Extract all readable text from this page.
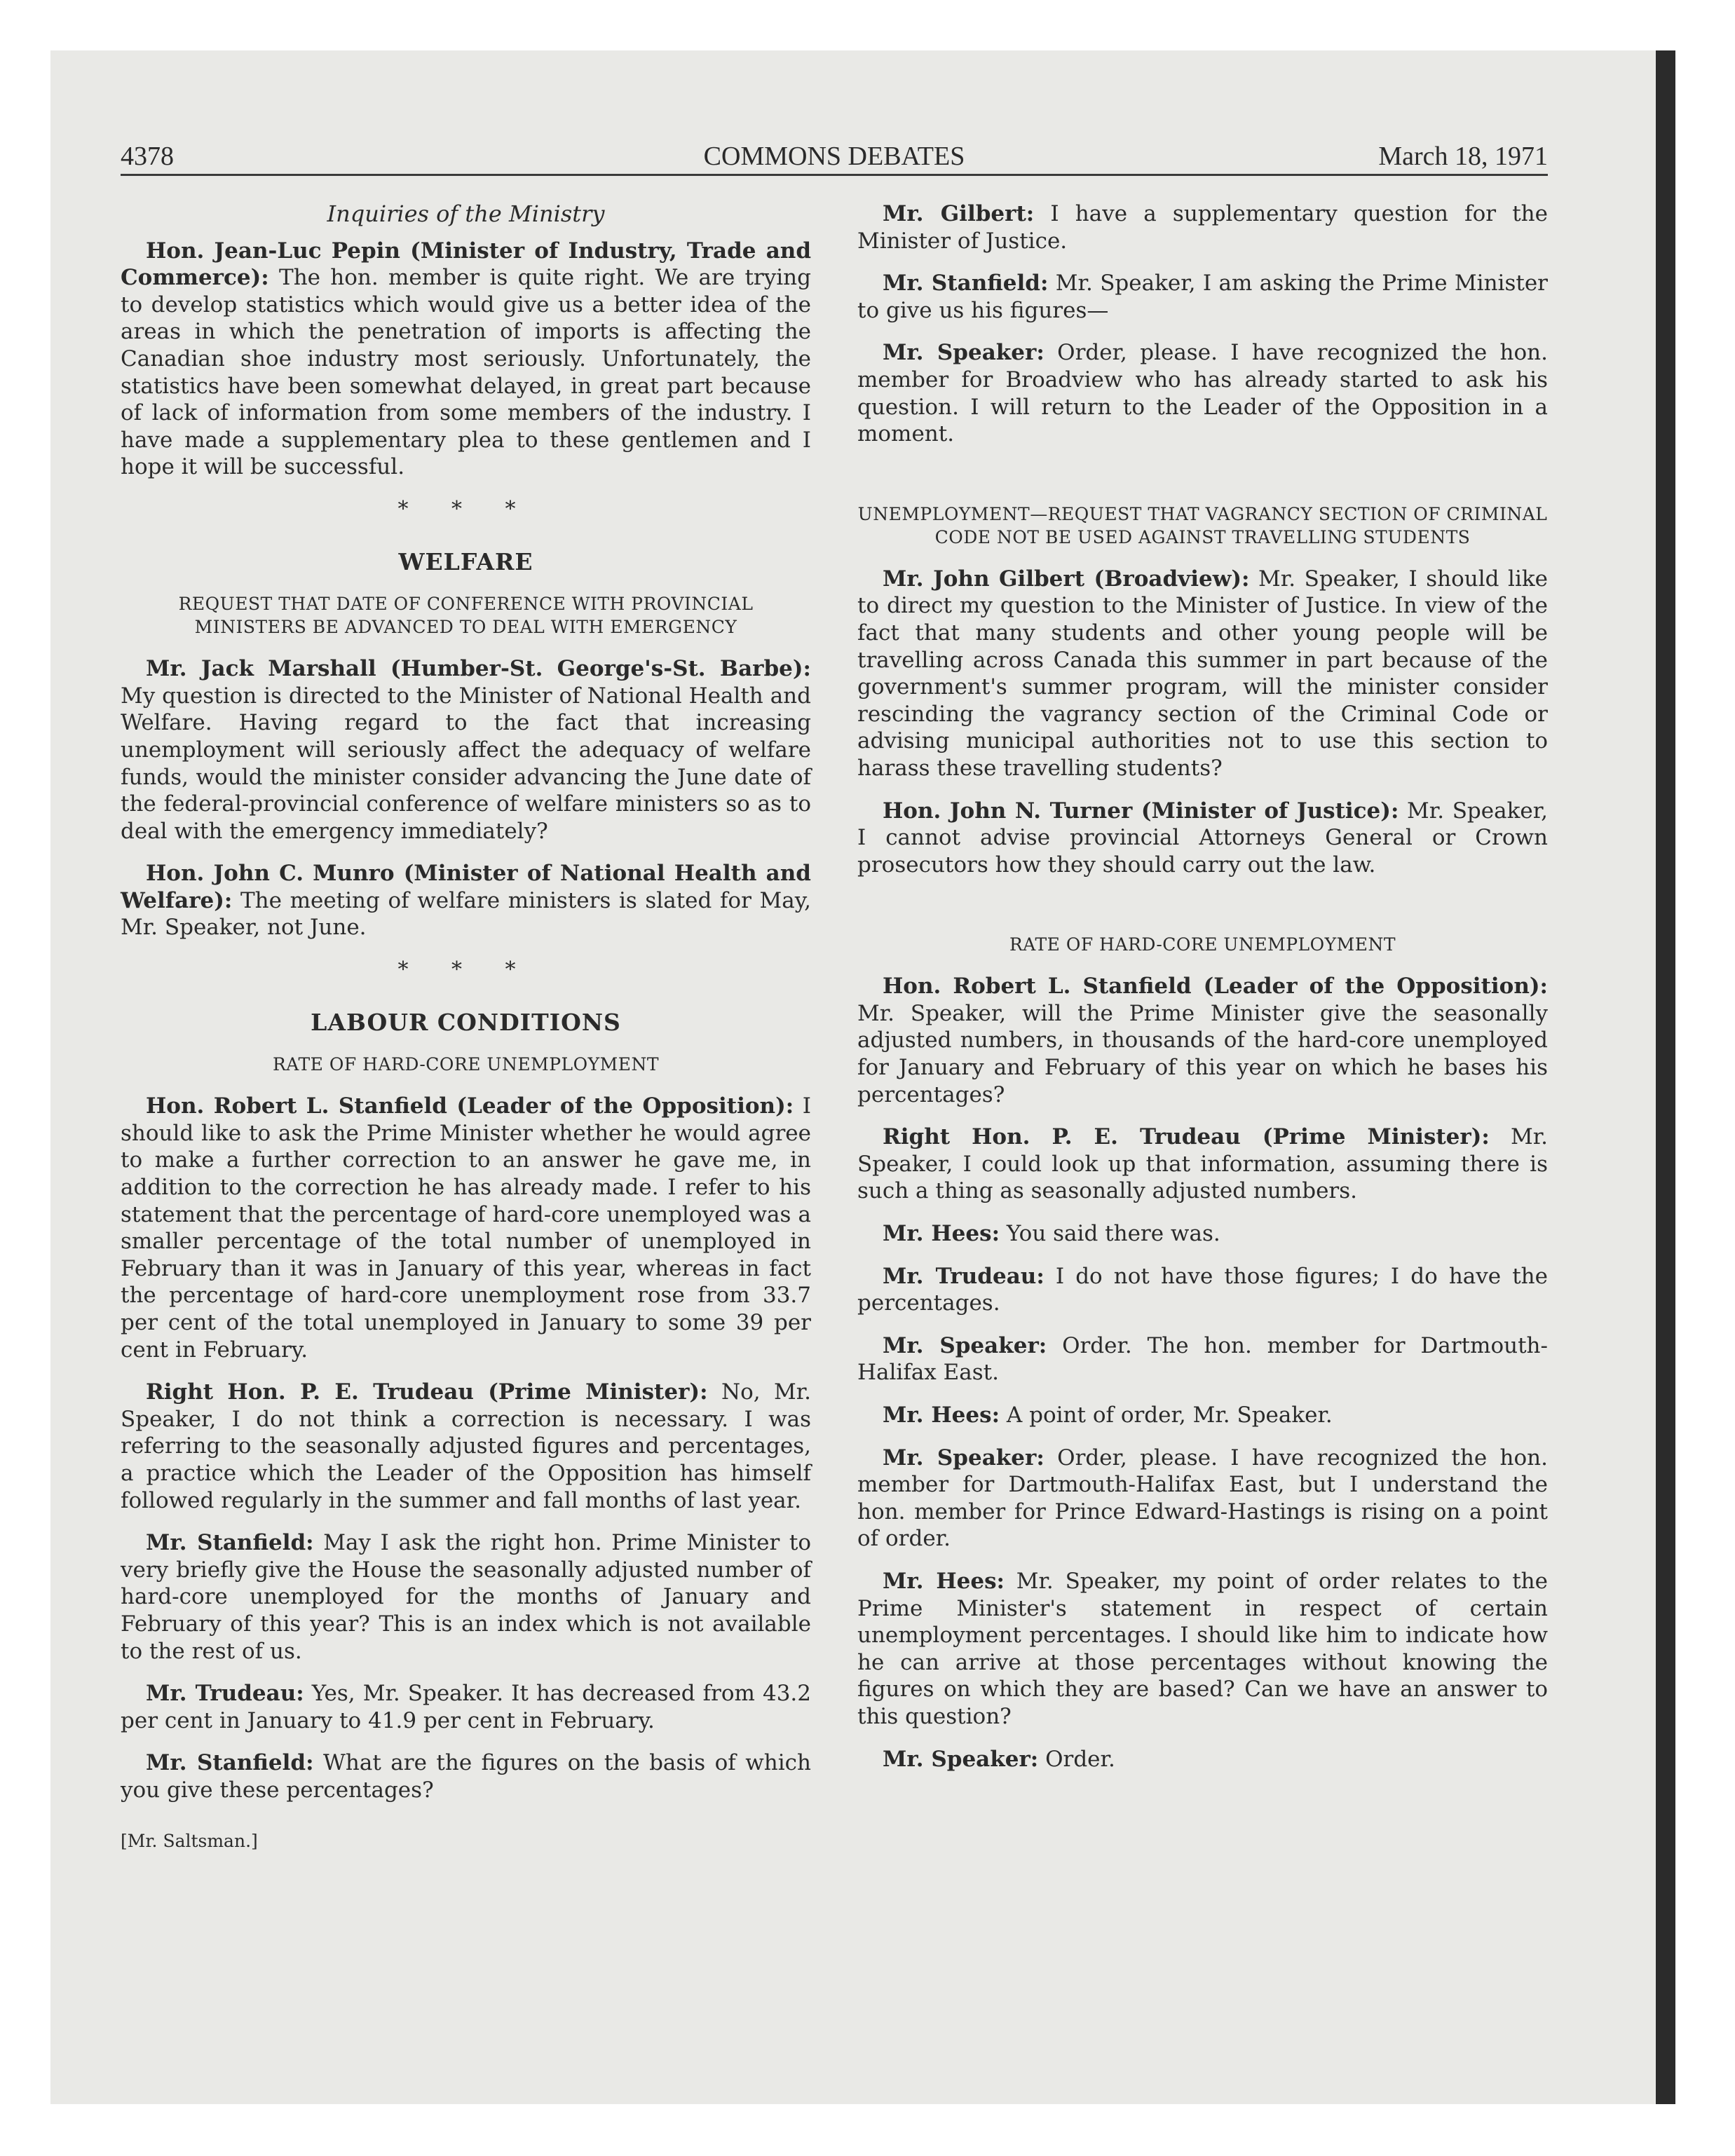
4378	COMMONS DEBATES	March 18, 1971

Inquiries of the Ministry

Hon. Jean-Luc Pepin (Minister of Industry, Trade and Commerce): The hon. member is quite right. We are trying to develop statistics which would give us a better idea of the areas in which the penetration of imports is affecting the Canadian shoe industry most seriously. Unfortunately, the statistics have been somewhat delayed, in great part because of lack of information from some members of the industry. I have made a supplementary plea to these gentlemen and I hope it will be successful.

* * *

WELFARE
REQUEST THAT DATE OF CONFERENCE WITH PROVINCIAL MINISTERS BE ADVANCED TO DEAL WITH EMERGENCY

Mr. Jack Marshall (Humber-St. George's-St. Barbe): My question is directed to the Minister of National Health and Welfare. Having regard to the fact that increasing unemployment will seriously affect the adequacy of welfare funds, would the minister consider advancing the June date of the federal-provincial conference of welfare ministers so as to deal with the emergency immediately?

Hon. John C. Munro (Minister of National Health and Welfare): The meeting of welfare ministers is slated for May, Mr. Speaker, not June.

* * *

LABOUR CONDITIONS
RATE OF HARD-CORE UNEMPLOYMENT

Hon. Robert L. Stanfield (Leader of the Opposition): I should like to ask the Prime Minister whether he would agree to make a further correction to an answer he gave me, in addition to the correction he has already made. I refer to his statement that the percentage of hard-core unemployed was a smaller percentage of the total number of unemployed in February than it was in January of this year, whereas in fact the percentage of hard-core unemployment rose from 33.7 per cent of the total unemployed in January to some 39 per cent in February.

Right Hon. P. E. Trudeau (Prime Minister): No, Mr. Speaker, I do not think a correction is necessary. I was referring to the seasonally adjusted figures and percentages, a practice which the Leader of the Opposition has himself followed regularly in the summer and fall months of last year.

Mr. Stanfield: May I ask the right hon. Prime Minister to very briefly give the House the seasonally adjusted number of hard-core unemployed for the months of January and February of this year? This is an index which is not available to the rest of us.

Mr. Trudeau: Yes, Mr. Speaker. It has decreased from 43.2 per cent in January to 41.9 per cent in February.

Mr. Stanfield: What are the figures on the basis of which you give these percentages?

[Mr. Saltsman.]

Mr. Gilbert: I have a supplementary question for the Minister of Justice.

Mr. Stanfield: Mr. Speaker, I am asking the Prime Minister to give us his figures—

Mr. Speaker: Order, please. I have recognized the hon. member for Broadview who has already started to ask his question. I will return to the Leader of the Opposition in a moment.

UNEMPLOYMENT—REQUEST THAT VAGRANCY SECTION OF CRIMINAL CODE NOT BE USED AGAINST TRAVELLING STUDENTS

Mr. John Gilbert (Broadview): Mr. Speaker, I should like to direct my question to the Minister of Justice. In view of the fact that many students and other young people will be travelling across Canada this summer in part because of the government's summer program, will the minister consider rescinding the vagrancy section of the Criminal Code or advising municipal authorities not to use this section to harass these travelling students?

Hon. John N. Turner (Minister of Justice): Mr. Speaker, I cannot advise provincial Attorneys General or Crown prosecutors how they should carry out the law.

RATE OF HARD-CORE UNEMPLOYMENT

Hon. Robert L. Stanfield (Leader of the Opposition): Mr. Speaker, will the Prime Minister give the seasonally adjusted numbers, in thousands of the hard-core unemployed for January and February of this year on which he bases his percentages?

Right Hon. P. E. Trudeau (Prime Minister): Mr. Speaker, I could look up that information, assuming there is such a thing as seasonally adjusted numbers.

Mr. Hees: You said there was.

Mr. Trudeau: I do not have those figures; I do have the percentages.

Mr. Speaker: Order. The hon. member for Dartmouth-Halifax East.

Mr. Hees: A point of order, Mr. Speaker.

Mr. Speaker: Order, please. I have recognized the hon. member for Dartmouth-Halifax East, but I understand the hon. member for Prince Edward-Hastings is rising on a point of order.

Mr. Hees: Mr. Speaker, my point of order relates to the Prime Minister's statement in respect of certain unemployment percentages. I should like him to indicate how he can arrive at those percentages without knowing the figures on which they are based? Can we have an answer to this question?

Mr. Speaker: Order.
